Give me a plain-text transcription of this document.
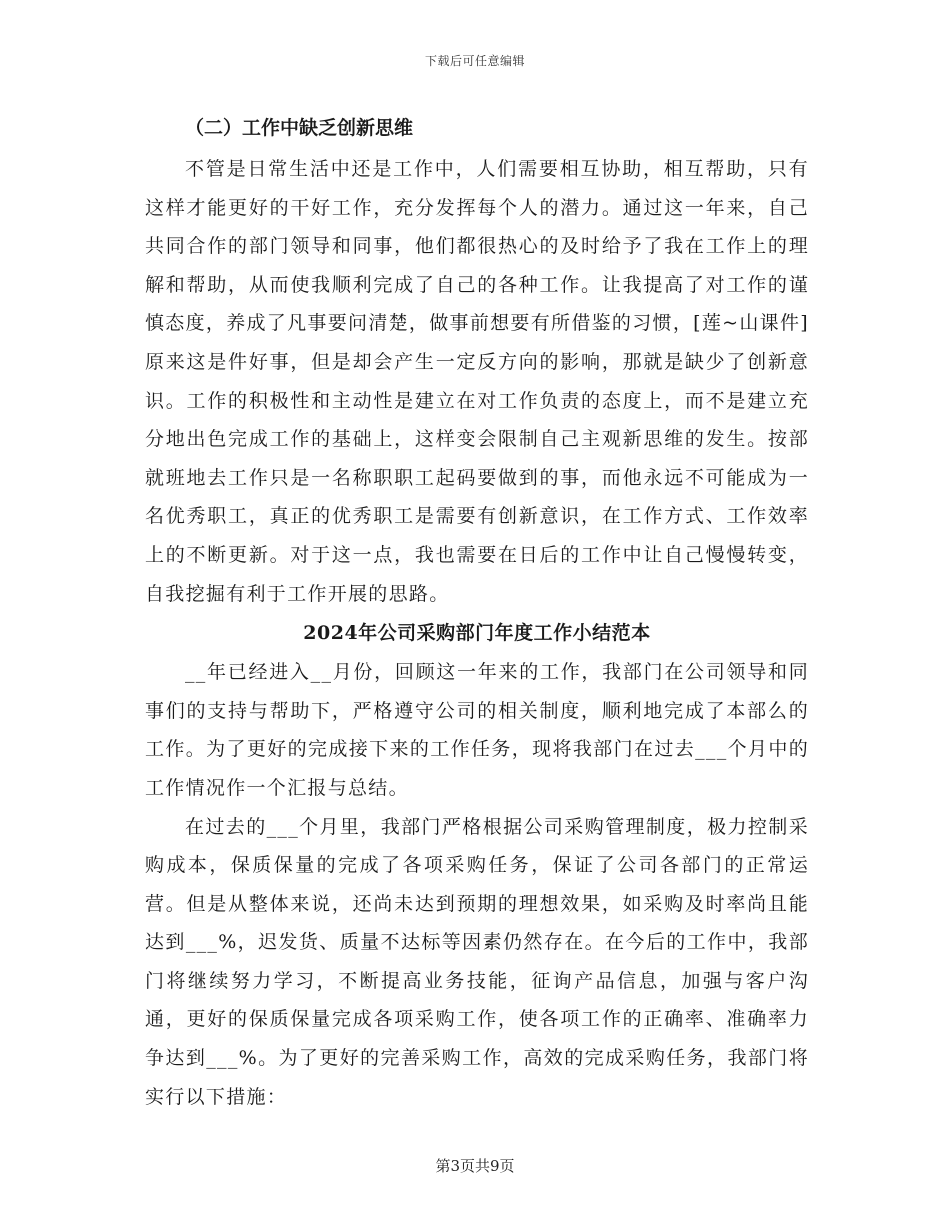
下载后可任意编辑

（二）工作中缺乏创新思维

不管是日常生活中还是工作中，人们需要相互协助，相互帮助，只有这样才能更好的干好工作，充分发挥每个人的潜力。通过这一年来，自己共同合作的部门领导和同事，他们都很热心的及时给予了我在工作上的理解和帮助，从而使我顺利完成了自己的各种工作。让我提高了对工作的谨慎态度，养成了凡事要问清楚，做事前想要有所借鉴的习惯，[莲~山课件]原来这是件好事，但是却会产生一定反方向的影响，那就是缺少了创新意识。工作的积极性和主动性是建立在对工作负责的态度上，而不是建立充分地出色完成工作的基础上，这样变会限制自己主观新思维的发生。按部就班地去工作只是一名称职职工起码要做到的事，而他永远不可能成为一名优秀职工，真正的优秀职工是需要有创新意识，在工作方式、工作效率上的不断更新。对于这一点，我也需要在日后的工作中让自己慢慢转变，自我挖掘有利于工作开展的思路。

2024年公司采购部门年度工作小结范本

__年已经进入__月份，回顾这一年来的工作，我部门在公司领导和同事们的支持与帮助下，严格遵守公司的相关制度，顺利地完成了本部么的工作。为了更好的完成接下来的工作任务，现将我部门在过去___个月中的工作情况作一个汇报与总结。

在过去的___个月里，我部门严格根据公司采购管理制度，极力控制采购成本，保质保量的完成了各项采购任务，保证了公司各部门的正常运营。但是从整体来说，还尚未达到预期的理想效果，如采购及时率尚且能达到___%，迟发货、质量不达标等因素仍然存在。在今后的工作中，我部门将继续努力学习，不断提高业务技能，征询产品信息，加强与客户沟通，更好的保质保量完成各项采购工作，使各项工作的正确率、准确率力争达到___%。为了更好的完善采购工作，高效的完成采购任务，我部门将实行以下措施：

第3页共9页
